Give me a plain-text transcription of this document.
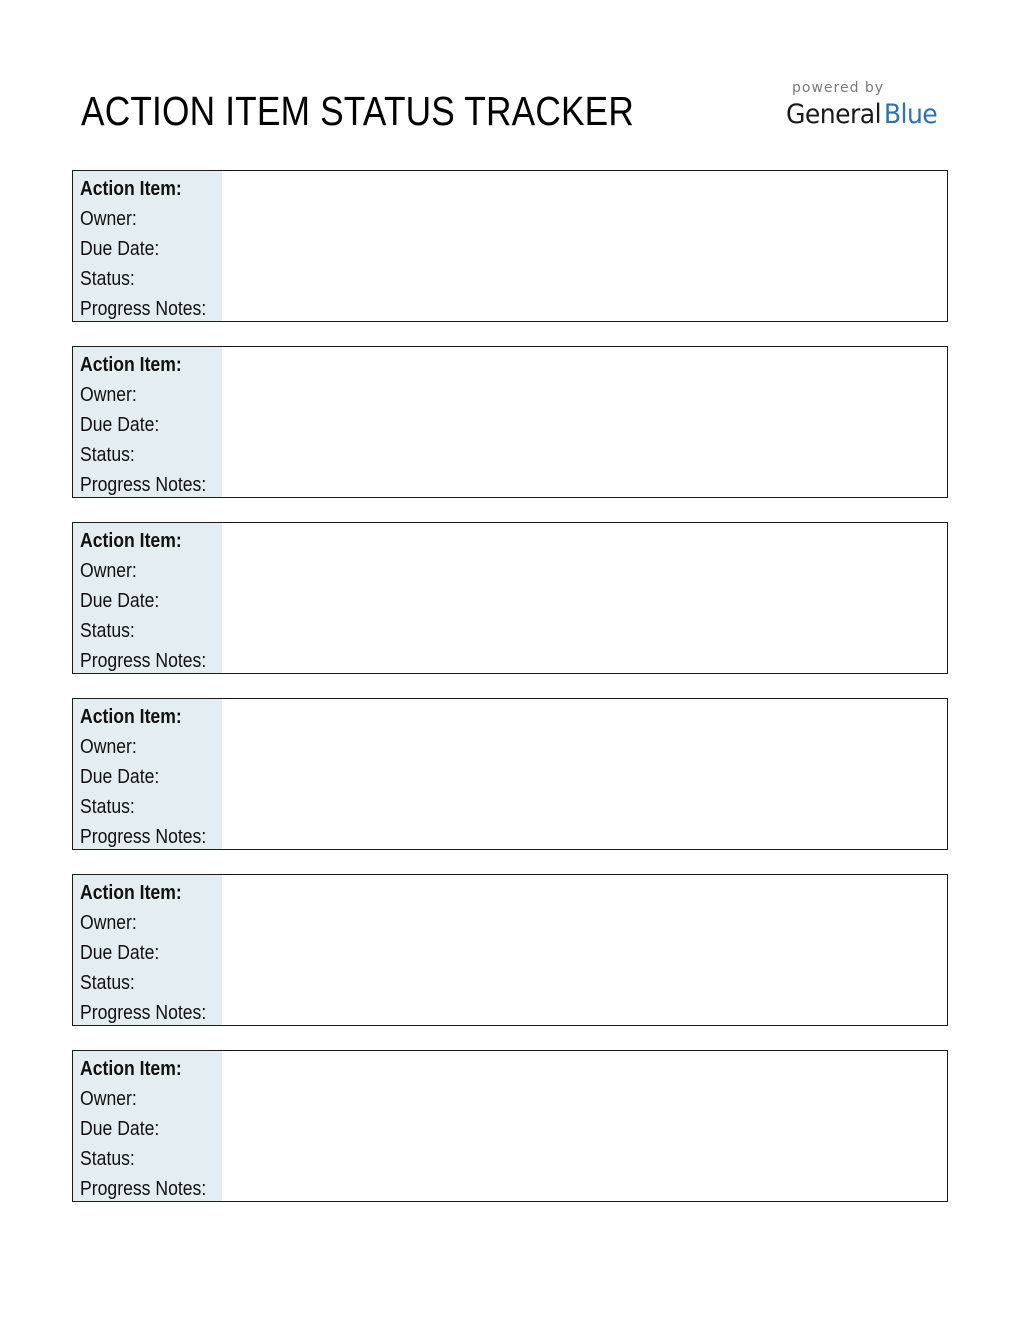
ACTION ITEM STATUS TRACKER	powered by
General Blue
Action Item:
Owner:
Due Date:
Status:
Progress Notes:
Action Item:
Owner:
Due Date:
Status:
Progress Notes:
Action Item:
Owner:
Due Date:
Status:
Progress Notes:
Action Item:
Owner:
Due Date:
Status:
Progress Notes:
Action Item:
Owner:
Due Date:
Status:
Progress Notes:
Action Item:
Owner:
Due Date:
Status:
Progress Notes:
